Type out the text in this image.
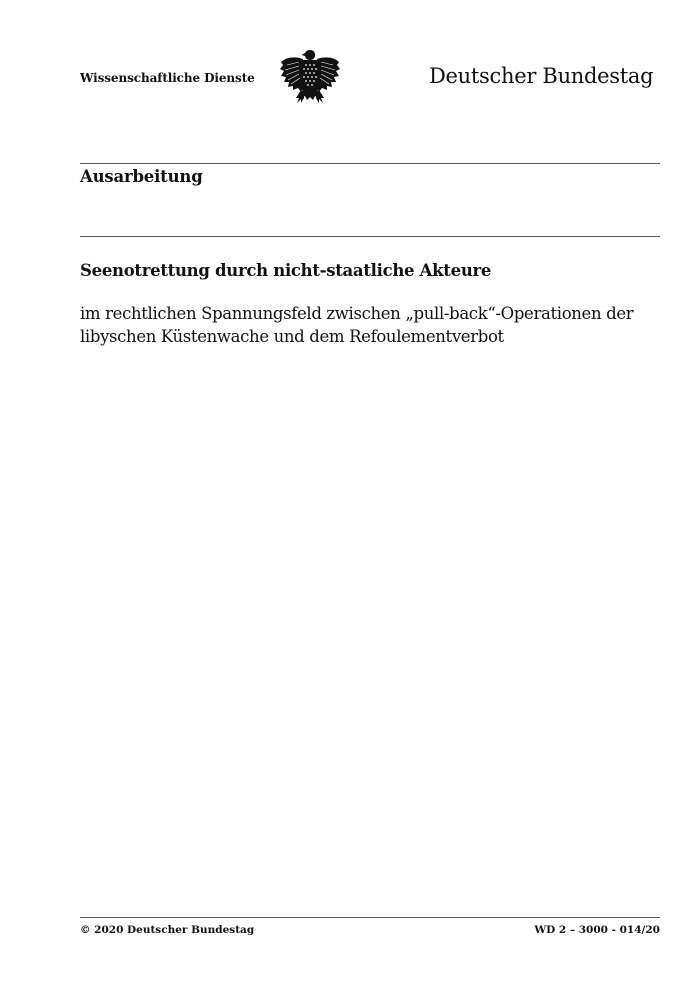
Wissenschaftliche Dienste	Deutscher Bundestag
Ausarbeitung
Seenotrettung durch nicht-staatliche Akteure
im rechtlichen Spannungsfeld zwischen „pull-back“-Operationen der libyschen Küstenwache und dem Refoulementverbot
© 2020 Deutscher Bundestag	WD 2 – 3000 - 014/20
